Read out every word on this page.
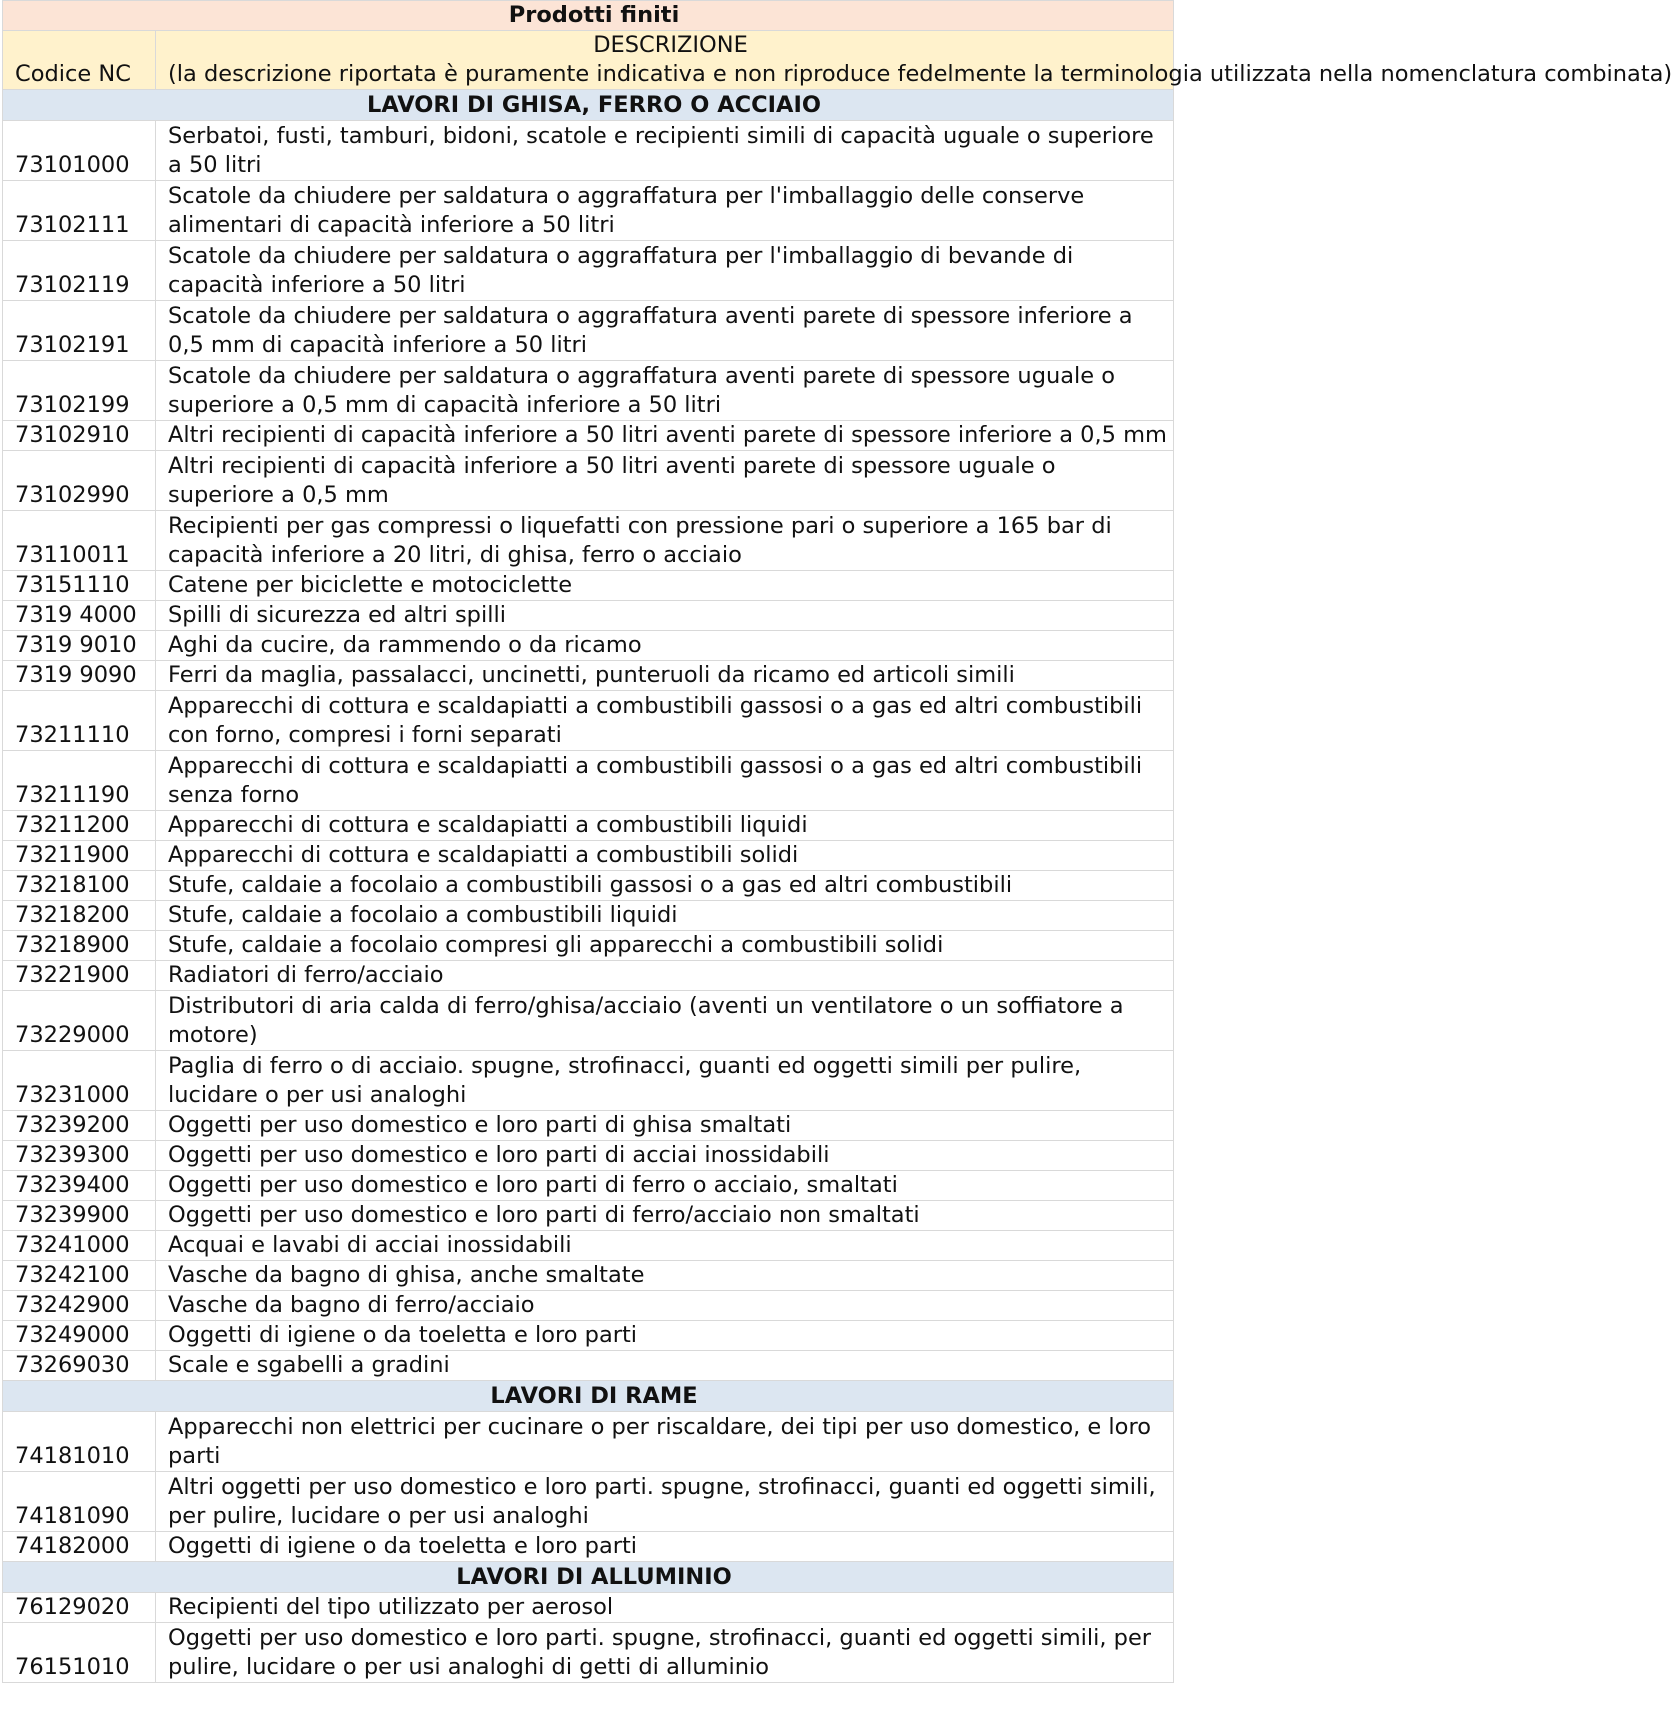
Prodotti finiti	
Codice NC	DESCRIZIONE
(la descrizione riportata è puramente indicativa e non riproduce fedelmente la terminologia utilizzata nella nomenclatura combinata)

LAVORI DI GHISA, FERRO O ACCIAIO	
73101000	Serbatoi, fusti, tamburi, bidoni, scatole e recipienti simili di capacità uguale o superiore a 50 litri
73102111	Scatole da chiudere per saldatura o aggraffatura per l'imballaggio delle conserve alimentari di capacità inferiore a 50 litri
73102119	Scatole da chiudere per saldatura o aggraffatura per l'imballaggio di bevande di capacità inferiore a 50 litri
73102191	Scatole da chiudere per saldatura o aggraffatura aventi parete di spessore inferiore a 0,5 mm di capacità inferiore a 50 litri
73102199	Scatole da chiudere per saldatura o aggraffatura aventi parete di spessore uguale o superiore a 0,5 mm di capacità inferiore a 50 litri
73102910	Altri recipienti di capacità inferiore a 50 litri aventi parete di spessore inferiore a 0,5 mm
73102990	Altri recipienti di capacità inferiore a 50 litri aventi parete di spessore uguale o superiore a 0,5 mm
73110011	Recipienti per gas compressi o liquefatti con pressione pari o superiore a 165 bar di capacità inferiore a 20 litri, di ghisa, ferro o acciaio
73151110	Catene per biciclette e motociclette
7319 4000	Spilli di sicurezza ed altri spilli
7319 9010	Aghi da cucire, da rammendo o da ricamo
7319 9090	Ferri da maglia, passalacci, uncinetti, punteruoli da ricamo ed articoli simili
73211110	Apparecchi di cottura e scaldapiatti a combustibili gassosi o a gas ed altri combustibili con forno, compresi i forni separati
73211190	Apparecchi di cottura e scaldapiatti a combustibili gassosi o a gas ed altri combustibili senza forno
73211200	Apparecchi di cottura e scaldapiatti a combustibili liquidi
73211900	Apparecchi di cottura e scaldapiatti a combustibili solidi
73218100	Stufe, caldaie a focolaio a combustibili gassosi o a gas ed altri combustibili
73218200	Stufe, caldaie a focolaio a combustibili liquidi
73218900	Stufe, caldaie a focolaio compresi gli apparecchi a combustibili solidi
73221900	Radiatori di ferro/acciaio
73229000	Distributori di aria calda di ferro/ghisa/acciaio (aventi un ventilatore o un soffiatore a motore)
73231000	Paglia di ferro o di acciaio. spugne, strofinacci, guanti ed oggetti simili per pulire, lucidare o per usi analoghi
73239200	Oggetti per uso domestico e loro parti di ghisa smaltati
73239300	Oggetti per uso domestico e loro parti di acciai inossidabili
73239400	Oggetti per uso domestico e loro parti di ferro o acciaio, smaltati
73239900	Oggetti per uso domestico e loro parti di ferro/acciaio non smaltati
73241000	Acquai e lavabi di acciai inossidabili
73242100	Vasche da bagno di ghisa, anche smaltate
73242900	Vasche da bagno di ferro/acciaio
73249000	Oggetti di igiene o da toeletta e loro parti
73269030	Scale e sgabelli a gradini
LAVORI DI RAME	
74181010	Apparecchi non elettrici per cucinare o per riscaldare, dei tipi per uso domestico, e loro parti
74181090	Altri oggetti per uso domestico e loro parti. spugne, strofinacci, guanti ed oggetti simili, per pulire, lucidare o per usi analoghi
74182000	Oggetti di igiene o da toeletta e loro parti
LAVORI DI ALLUMINIO	
76129020	Recipienti del tipo utilizzato per aerosol
76151010	Oggetti per uso domestico e loro parti. spugne, strofinacci, guanti ed oggetti simili, per pulire, lucidare o per usi analoghi di getti di alluminio
